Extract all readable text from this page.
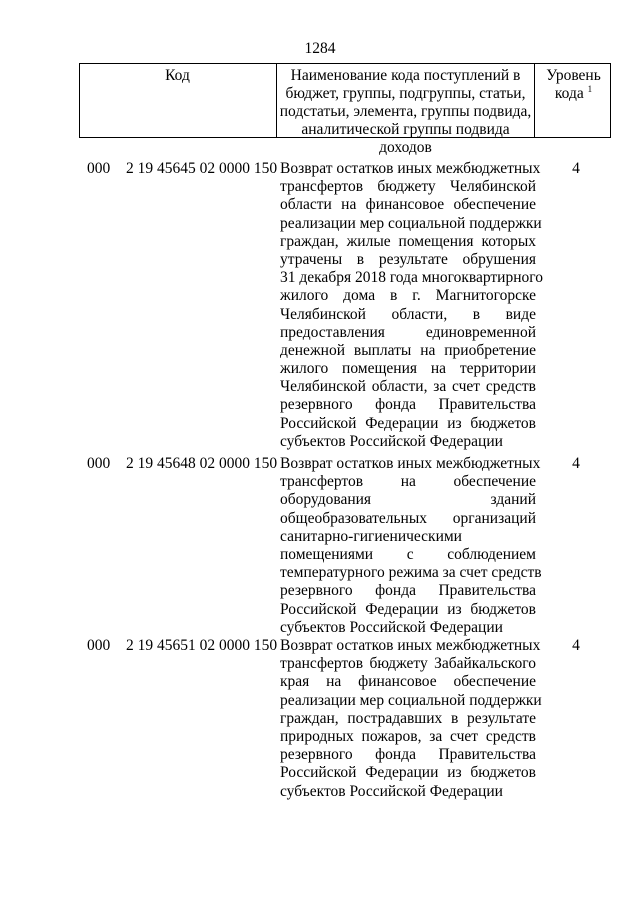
1284
Код	Наименование кода поступлений в
бюджет, группы, подгруппы, статьи,
подстатьи, элемента, группы подвида,
аналитической группы подвида доходов
Уровень
кода $^1$
000 2 19 45645 02 0000 150 Возврат остатков иных межбюджетных
трансфертов бюджету Челябинской
области на финансовое обеспечение
реализации мер социальной поддержки
граждан, жилые помещения которых
утрачены в результате обрушения
31 декабря 2018 года многоквартирного
жилого дома в г. Магнитогорске
Челябинской области, в виде
предоставления единовременной
денежной выплаты на приобретение
жилого помещения на территории
Челябинской области, за счет средств
резервного фонда Правительства
Российской Федерации из бюджетов
субъектов Российской Федерации
4
000 2 19 45648 02 0000 150 Возврат остатков иных межбюджетных
трансфертов на обеспечение
оборудования зданий
общеобразовательных организаций
санитарно-гигиеническими
помещениями с соблюдением
температурного режима за счет средств
резервного фонда Правительства
Российской Федерации из бюджетов
субъектов Российской Федерации
4
000 2 19 45651 02 0000 150 Возврат остатков иных межбюджетных
трансфертов бюджету Забайкальского
края на финансовое обеспечение
реализации мер социальной поддержки
граждан, пострадавших в результате
природных пожаров, за счет средств
резервного фонда Правительства
Российской Федерации из бюджетов
субъектов Российской Федерации
4
